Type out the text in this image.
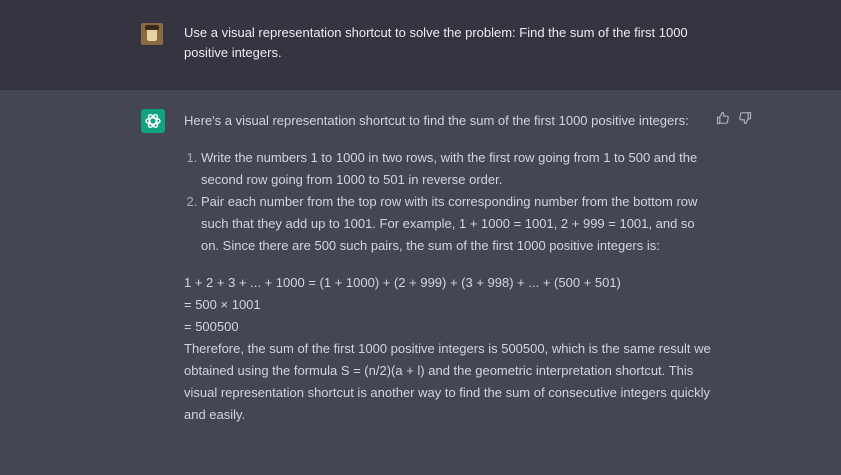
Use a visual representation shortcut to solve the problem: Find the sum of the first 1000 positive integers.

Here's a visual representation shortcut to find the sum of the first 1000 positive integers:

1. Write the numbers 1 to 1000 in two rows, with the first row going from 1 to 500 and the second row going from 1000 to 501 in reverse order.
2. Pair each number from the top row with its corresponding number from the bottom row such that they add up to 1001. For example, 1 + 1000 = 1001, 2 + 999 = 1001, and so on. Since there are 500 such pairs, the sum of the first 1000 positive integers is:
1 + 2 + 3 + ... + 1000 = (1 + 1000) + (2 + 999) + (3 + 998) + ... + (500 + 501)
= 500 × 1001
= 500500

Therefore, the sum of the first 1000 positive integers is 500500, which is the same result we obtained using the formula S = (n/2)(a + l) and the geometric interpretation shortcut. This visual representation shortcut is another way to find the sum of consecutive integers quickly and easily.
